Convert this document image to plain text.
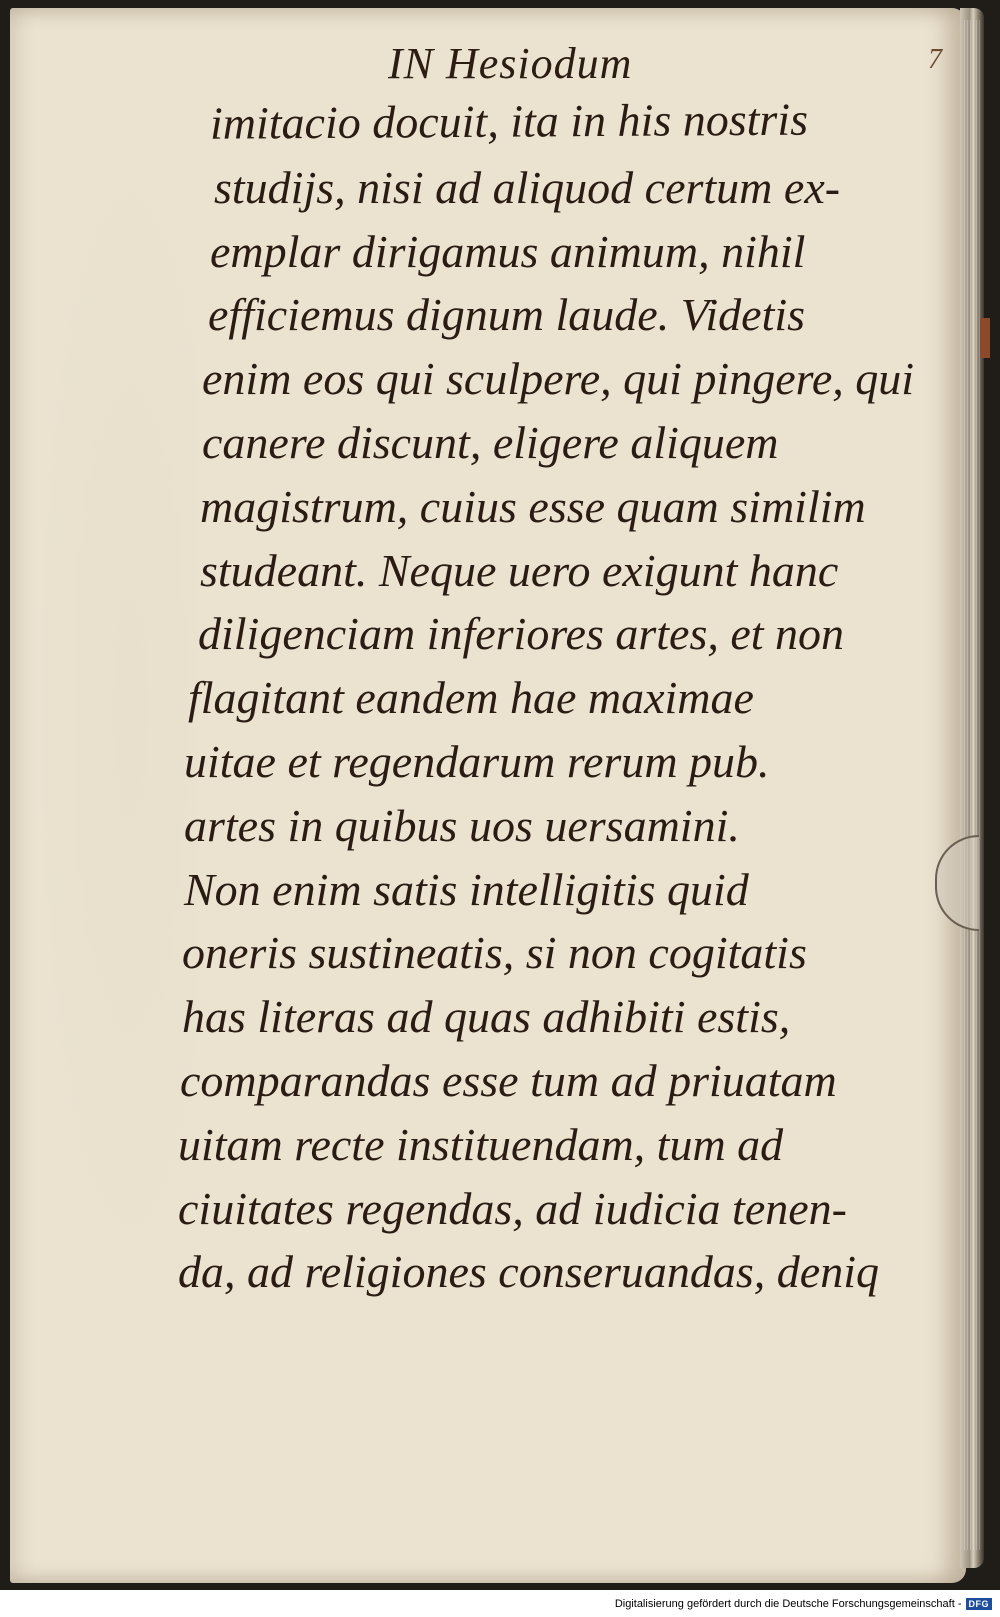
IN Hesiodum	7
imitacio docuit, ita in his nostris
studijs, nisi ad aliquod certum ex-
emplar dirigamus animum, nihil
efficiemus dignum laude. Videtis
enim eos qui sculpere, qui pingere, qui
canere discunt, eligere aliquem
magistrum, cuius esse quam similim
studeant. Neque uero exigunt hanc
diligenciam inferiores artes, et non
flagitant eandem hae maximae
uitae et regendarum rerum pub.
artes in quibus uos uersamini.
Non enim satis intelligitis quid
oneris sustineatis, si non cogitatis
has literas ad quas adhibiti estis,
comparandas esse tum ad priuatam
uitam recte instituendam, tum ad
ciuitates regendas, ad iudicia tenen-
da, ad religiones conseruandas, deniq
Digitalisierung gefördert durch die Deutsche Forschungsgemeinschaft - DFG
